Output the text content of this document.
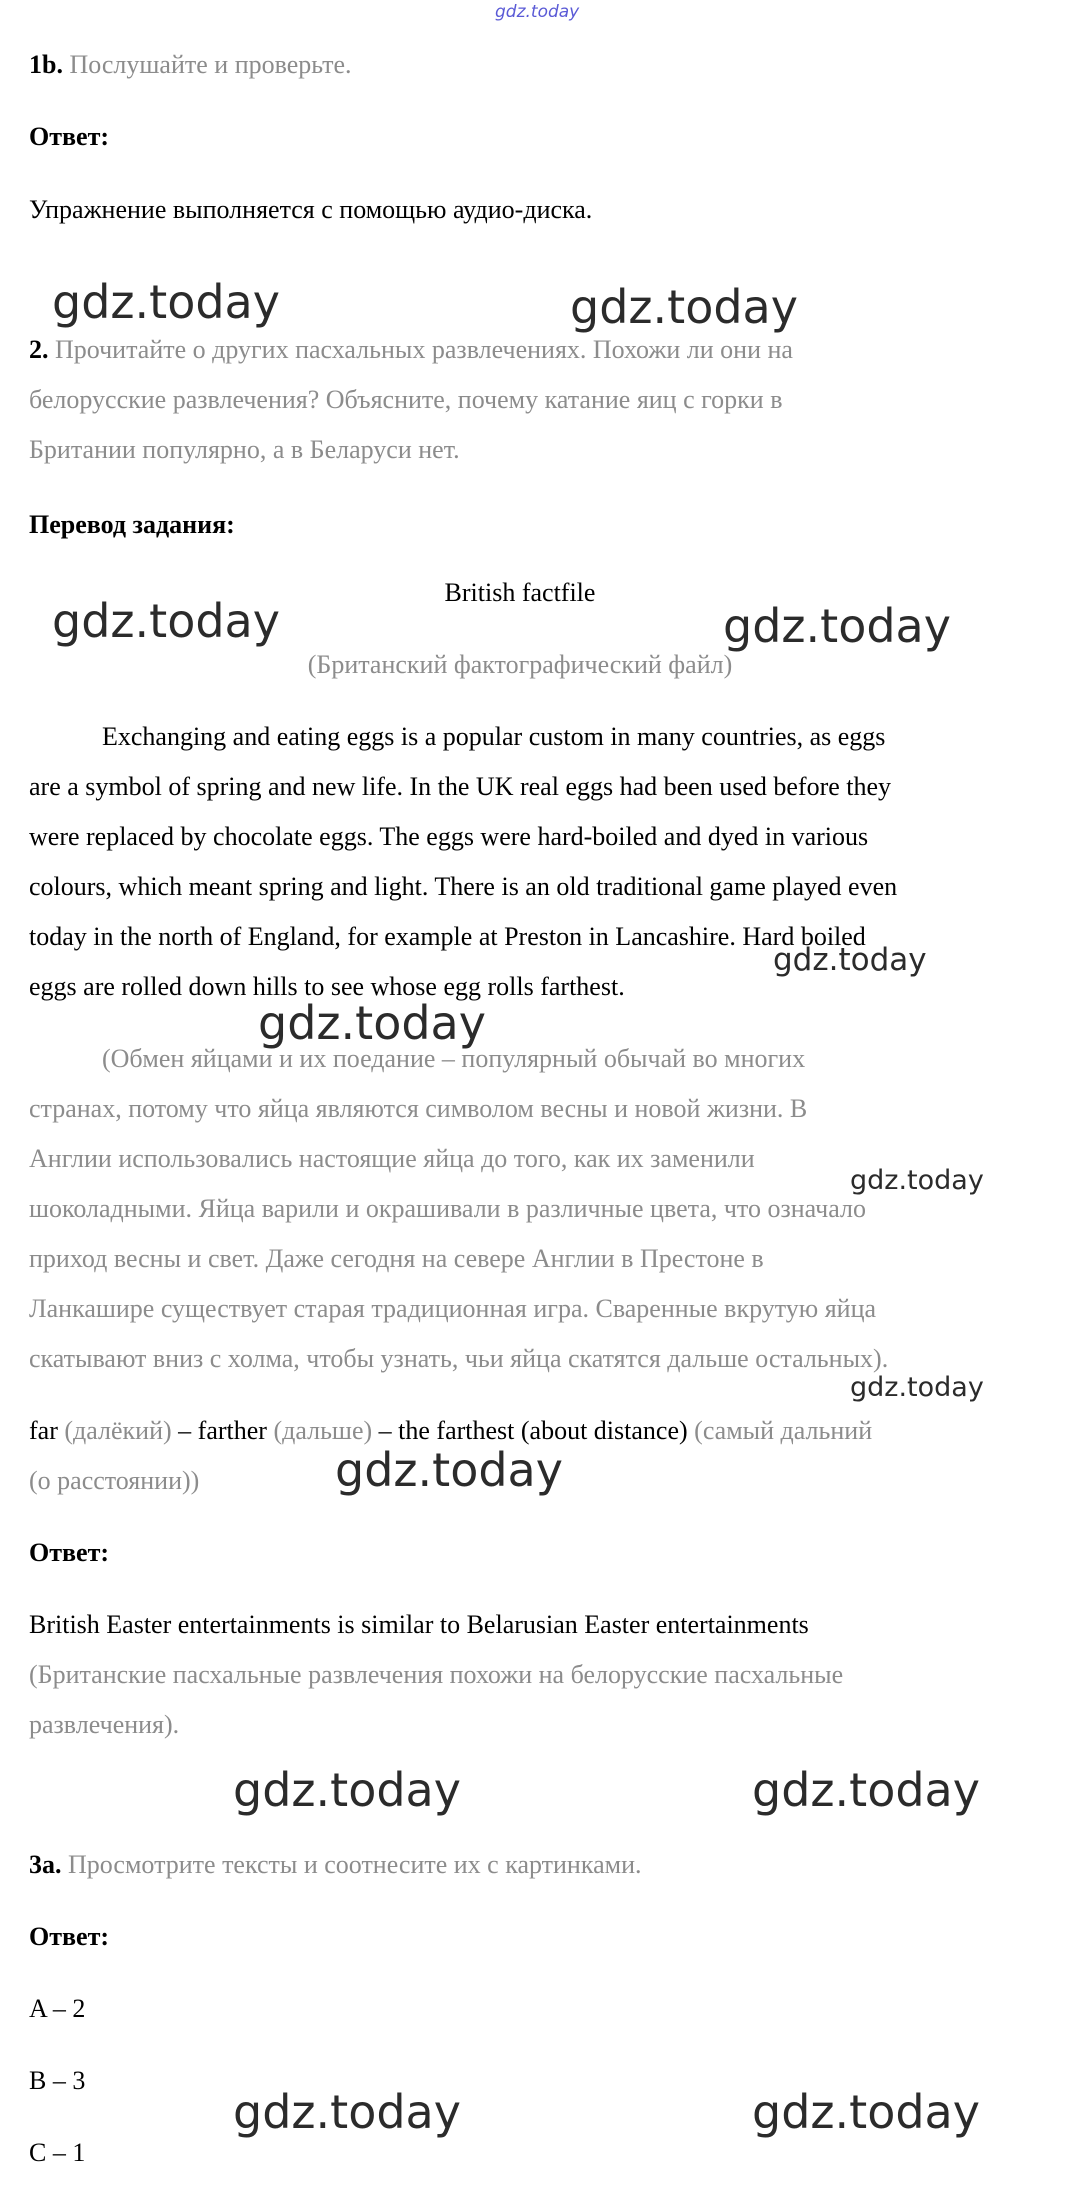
gdz.today

1b. Послушайте и проверьте.

Ответ:

Упражнение выполняется с помощью аудио-диска.

2. Прочитайте о других пасхальных развлечениях. Похожи ли они на

белорусские развлечения? Объясните, почему катание яиц с горки в

Британии популярно, а в Беларуси нет.

Перевод задания:

British factfile

(Британский фактографический файл)

Exchanging and eating eggs is a popular custom in many countries, as eggs

are a symbol of spring and new life. In the UK real eggs had been used before they

were replaced by chocolate eggs. The eggs were hard-boiled and dyed in various

colours, which meant spring and light. There is an old traditional game played even

today in the north of England, for example at Preston in Lancashire. Hard boiled

eggs are rolled down hills to see whose egg rolls farthest.

(Обмен яйцами и их поедание – популярный обычай во многих

странах, потому что яйца являются символом весны и новой жизни. В

Англии использовались настоящие яйца до того, как их заменили

шоколадными. Яйца варили и окрашивали в различные цвета, что означало

приход весны и свет. Даже сегодня на севере Англии в Престоне в

Ланкашире существует старая традиционная игра. Сваренные вкрутую яйца

скатывают вниз с холма, чтобы узнать, чьи яйца скатятся дальше остальных).

far (далёкий) – farther (дальше) – the farthest (about distance) (самый дальний

(о расстоянии))

Ответ:

British Easter entertainments is similar to Belarusian Easter entertainments

(Британские пасхальные развлечения похожи на белорусские пасхальные

развлечения).

3a. Просмотрите тексты и соотнесите их с картинками.

Ответ:

A – 2

B – 3

C – 1

gdz.today	gdz.today
gdz.today	gdz.today
gdz.today
gdz.today
gdz.today
gdz.today
gdz.today
gdz.today	gdz.today
gdz.today	gdz.today
